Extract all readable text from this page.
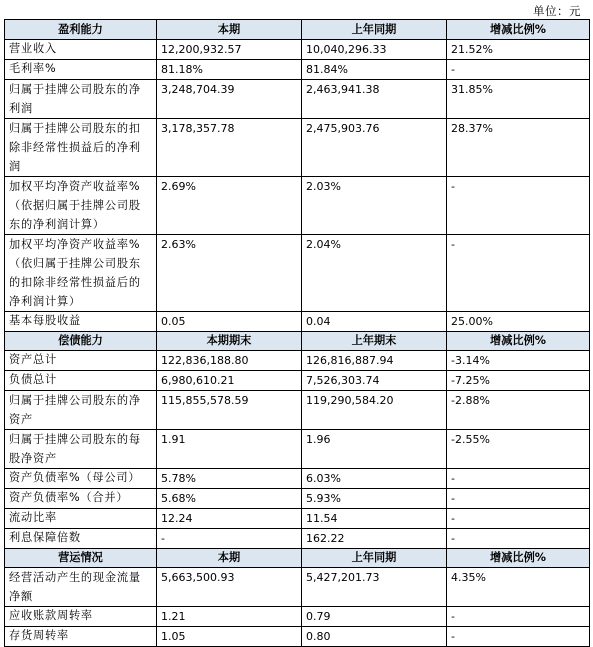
单位：元
盈利能力	本期	上年同期	增减比例%
营业收入	12,200,932.57	10,040,296.33	21.52%
毛利率%	81.18%	81.84%	-
归属于挂牌公司股东的净利润	3,248,704.39	2,463,941.38	31.85%
归属于挂牌公司股东的扣除非经常性损益后的净利润	3,178,357.78	2,475,903.76	28.37%
加权平均净资产收益率%（依据归属于挂牌公司股东的净利润计算）	2.69%	2.03%	-
加权平均净资产收益率%（依归属于挂牌公司股东的扣除非经常性损益后的净利润计算）	2.63%	2.04%	-
基本每股收益	0.05	0.04	25.00%
偿债能力	本期期末	上年期末	增减比例%
资产总计	122,836,188.80	126,816,887.94	-3.14%
负债总计	6,980,610.21	7,526,303.74	-7.25%
归属于挂牌公司股东的净资产	115,855,578.59	119,290,584.20	-2.88%
归属于挂牌公司股东的每股净资产	1.91	1.96	-2.55%
资产负债率%（母公司）	5.78%	6.03%	-
资产负债率%（合并）	5.68%	5.93%	-
流动比率	12.24	11.54	-
利息保障倍数	-	162.22	-
营运情况	本期	上年同期	增减比例%
经营活动产生的现金流量净额	5,663,500.93	5,427,201.73	4.35%
应收账款周转率	1.21	0.79	-
存货周转率	1.05	0.80	-
